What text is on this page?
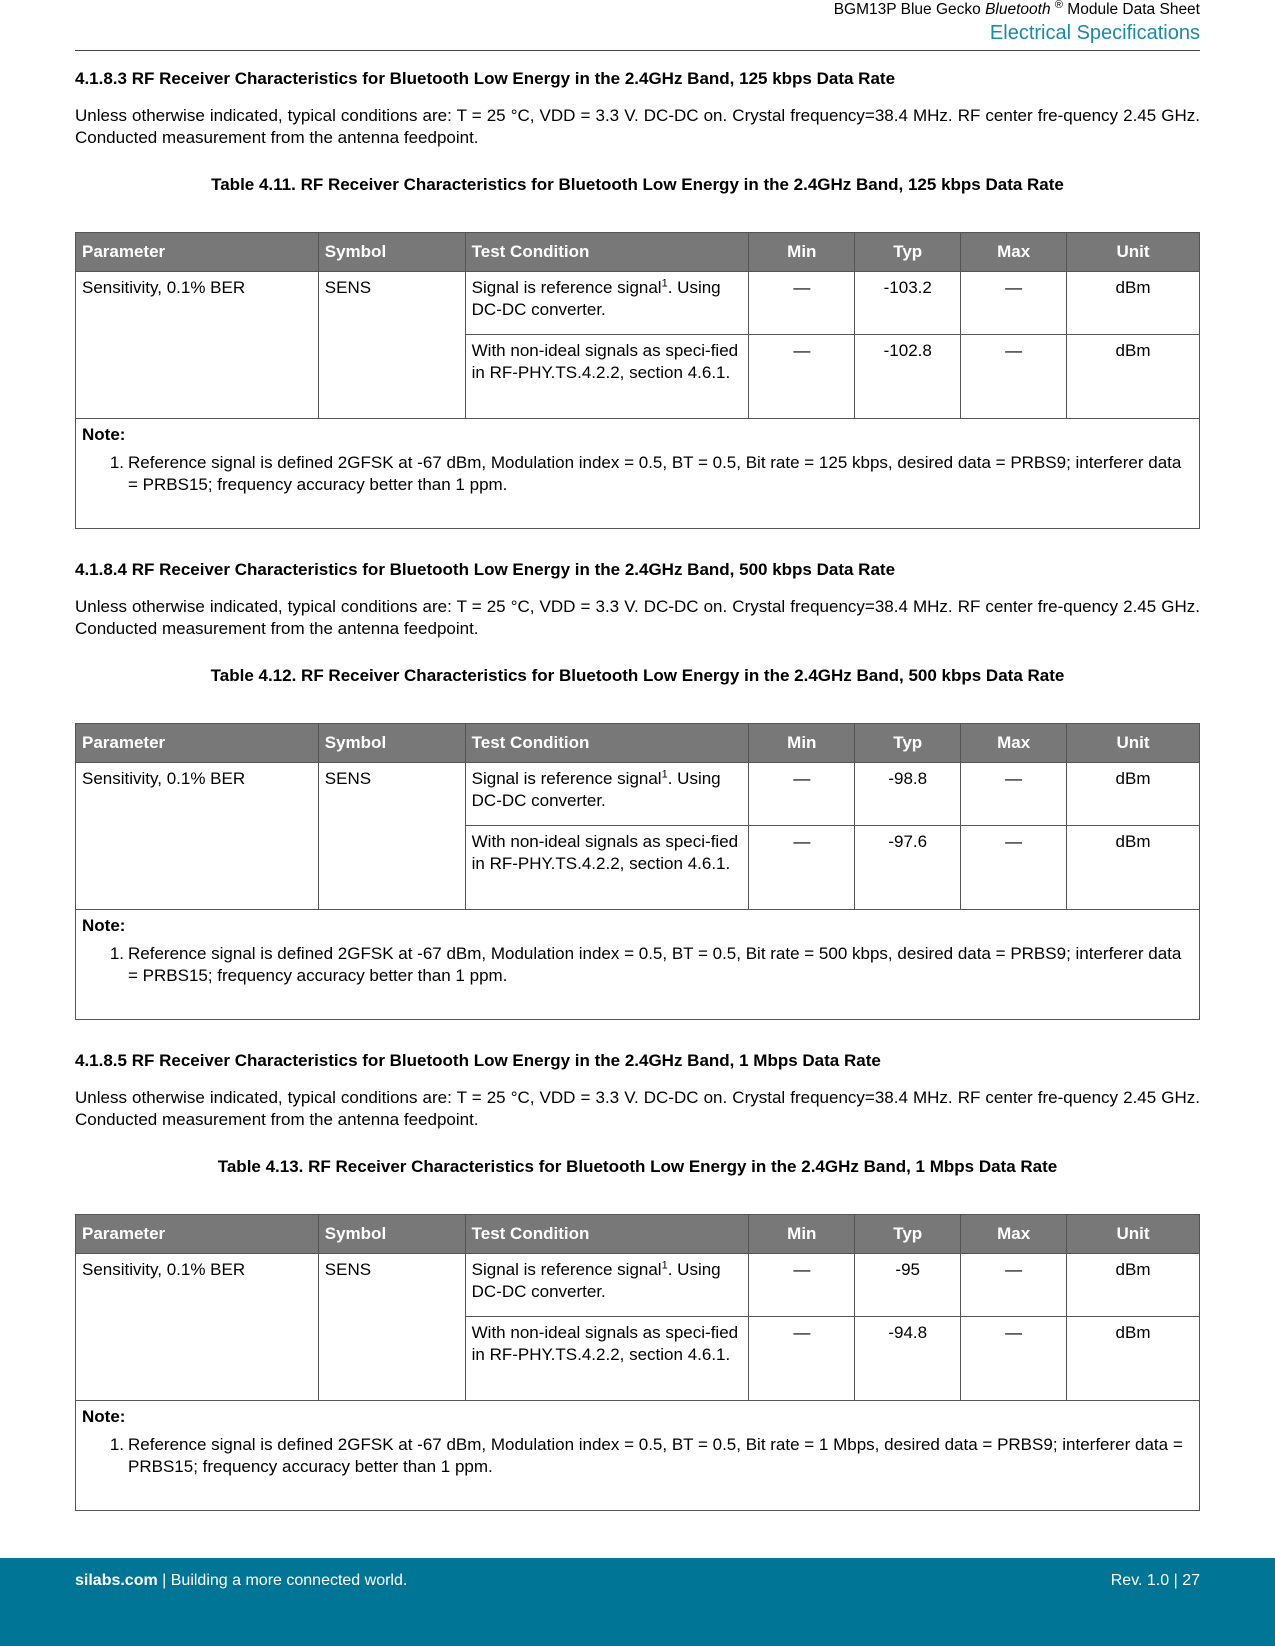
BGM13P Blue Gecko Bluetooth ® Module Data Sheet
Electrical Specifications

4.1.8.3 RF Receiver Characteristics for Bluetooth Low Energy in the 2.4GHz Band, 125 kbps Data Rate

Unless otherwise indicated, typical conditions are: T = 25 °C, VDD = 3.3 V. DC-DC on. Crystal frequency=38.4 MHz. RF center fre-quency 2.45 GHz. Conducted measurement from the antenna feedpoint.

Table 4.11. RF Receiver Characteristics for Bluetooth Low Energy in the 2.4GHz Band, 125 kbps Data Rate
Parameter	Symbol	Test Condition	Min	Typ	Max	Unit
Sensitivity, 0.1% BER	SENS	Signal is reference signal$^1$. Using DC-DC converter.	—	-103.2	—	dBm
		With non-ideal signals as speci-fied in RF-PHY.TS.4.2.2, section 4.6.1.	—	-102.8	—	dBm

Note:
1. Reference signal is defined 2GFSK at -67 dBm, Modulation index = 0.5, BT = 0.5, Bit rate = 125 kbps, desired data = PRBS9; interferer data = PRBS15; frequency accuracy better than 1 ppm.						

4.1.8.4 RF Receiver Characteristics for Bluetooth Low Energy in the 2.4GHz Band, 500 kbps Data Rate

Unless otherwise indicated, typical conditions are: T = 25 °C, VDD = 3.3 V. DC-DC on. Crystal frequency=38.4 MHz. RF center fre-quency 2.45 GHz. Conducted measurement from the antenna feedpoint.

Table 4.12. RF Receiver Characteristics for Bluetooth Low Energy in the 2.4GHz Band, 500 kbps Data Rate
Parameter	Symbol	Test Condition	Min	Typ	Max	Unit
Sensitivity, 0.1% BER	SENS	Signal is reference signal$^1$. Using DC-DC converter.	—	-98.8	—	dBm
		With non-ideal signals as speci-fied in RF-PHY.TS.4.2.2, section 4.6.1.	—	-97.6	—	dBm

Note:
1. Reference signal is defined 2GFSK at -67 dBm, Modulation index = 0.5, BT = 0.5, Bit rate = 500 kbps, desired data = PRBS9; interferer data = PRBS15; frequency accuracy better than 1 ppm.						

4.1.8.5 RF Receiver Characteristics for Bluetooth Low Energy in the 2.4GHz Band, 1 Mbps Data Rate

Unless otherwise indicated, typical conditions are: T = 25 °C, VDD = 3.3 V. DC-DC on. Crystal frequency=38.4 MHz. RF center fre-quency 2.45 GHz. Conducted measurement from the antenna feedpoint.

Table 4.13. RF Receiver Characteristics for Bluetooth Low Energy in the 2.4GHz Band, 1 Mbps Data Rate
Parameter	Symbol	Test Condition	Min	Typ	Max	Unit
Sensitivity, 0.1% BER	SENS	Signal is reference signal$^1$. Using DC-DC converter.	—	-95	—	dBm
		With non-ideal signals as speci-fied in RF-PHY.TS.4.2.2, section 4.6.1.	—	-94.8	—	dBm

Note:
1. Reference signal is defined 2GFSK at -67 dBm, Modulation index = 0.5, BT = 0.5, Bit rate = 1 Mbps, desired data = PRBS9; interferer data = PRBS15; frequency accuracy better than 1 ppm.						
silabs.com | Building a more connected world.	Rev. 1.0 | 27
